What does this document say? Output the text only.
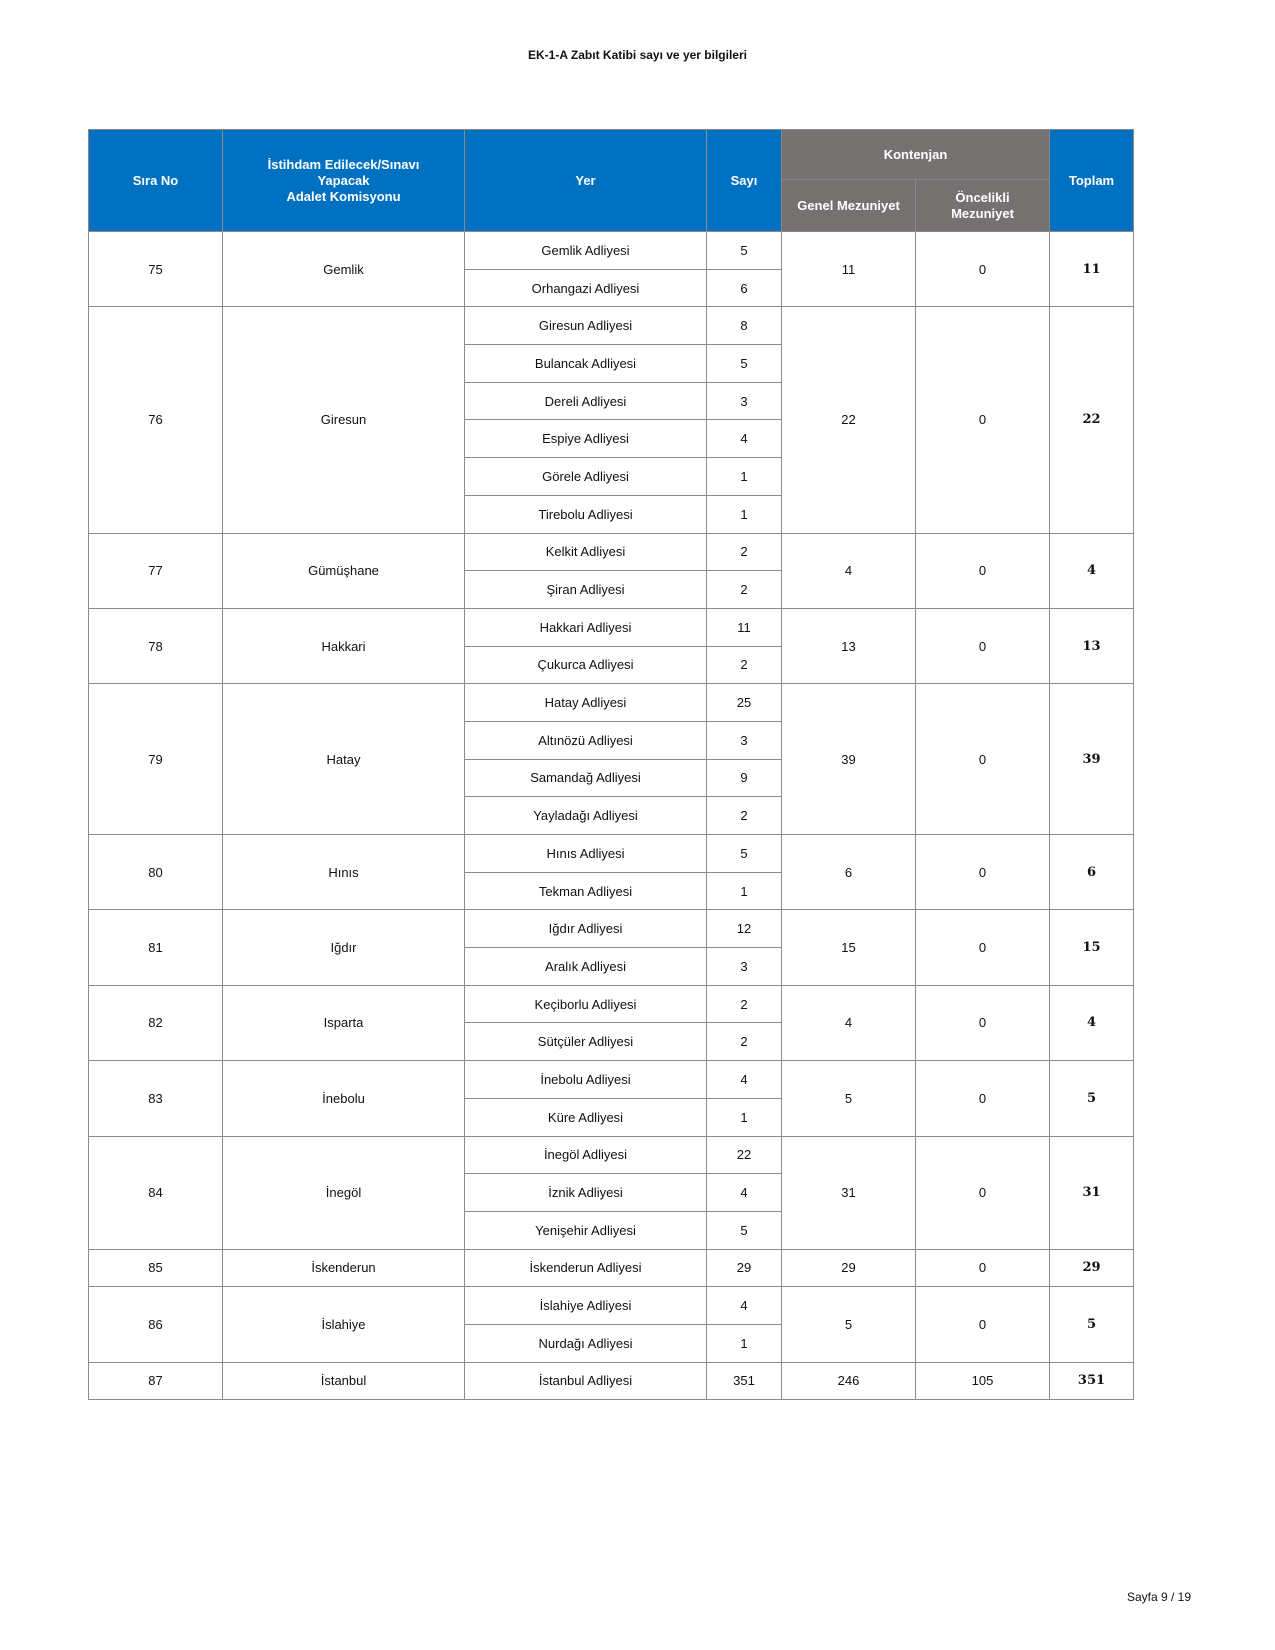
EK-1-A Zabıt Katibi sayı ve yer bilgileri
Sıra No	İstihdam Edilecek/Sınavı
Yapacak
Adalet Komisyonu	Yer	Sayı	Kontenjan		Toplam
				Genel Mezuniyet	Öncelikli
Mezuniyet	
75	Gemlik	Gemlik Adliyesi	5	11	0	11
		Orhangazi Adliyesi	6			
76	Giresun	Giresun Adliyesi	8	22	0	22
		Bulancak Adliyesi	5			
		Dereli Adliyesi	3			
		Espiye Adliyesi	4			
		Görele Adliyesi	1			
		Tirebolu Adliyesi	1			
77	Gümüşhane	Kelkit Adliyesi	2	4	0	4
		Şiran Adliyesi	2			
78	Hakkari	Hakkari Adliyesi	11	13	0	13
		Çukurca Adliyesi	2			
79	Hatay	Hatay Adliyesi	25	39	0	39
		Altınözü Adliyesi	3			
		Samandağ Adliyesi	9			
		Yayladağı Adliyesi	2			
80	Hınıs	Hınıs Adliyesi	5	6	0	6
		Tekman Adliyesi	1			
81	Iğdır	Iğdır Adliyesi	12	15	0	15
		Aralık Adliyesi	3			
82	Isparta	Keçiborlu Adliyesi	2	4	0	4
		Sütçüler Adliyesi	2			
83	İnebolu	İnebolu Adliyesi	4	5	0	5
		Küre Adliyesi	1			
84	İnegöl	İnegöl Adliyesi	22	31	0	31
		İznik Adliyesi	4			
		Yenişehir Adliyesi	5			
85	İskenderun	İskenderun Adliyesi	29	29	0	29
86	İslahiye	İslahiye Adliyesi	4	5	0	5
		Nurdağı Adliyesi	1			
87	İstanbul	İstanbul Adliyesi	351	246	105	351
Sayfa 9 / 19
